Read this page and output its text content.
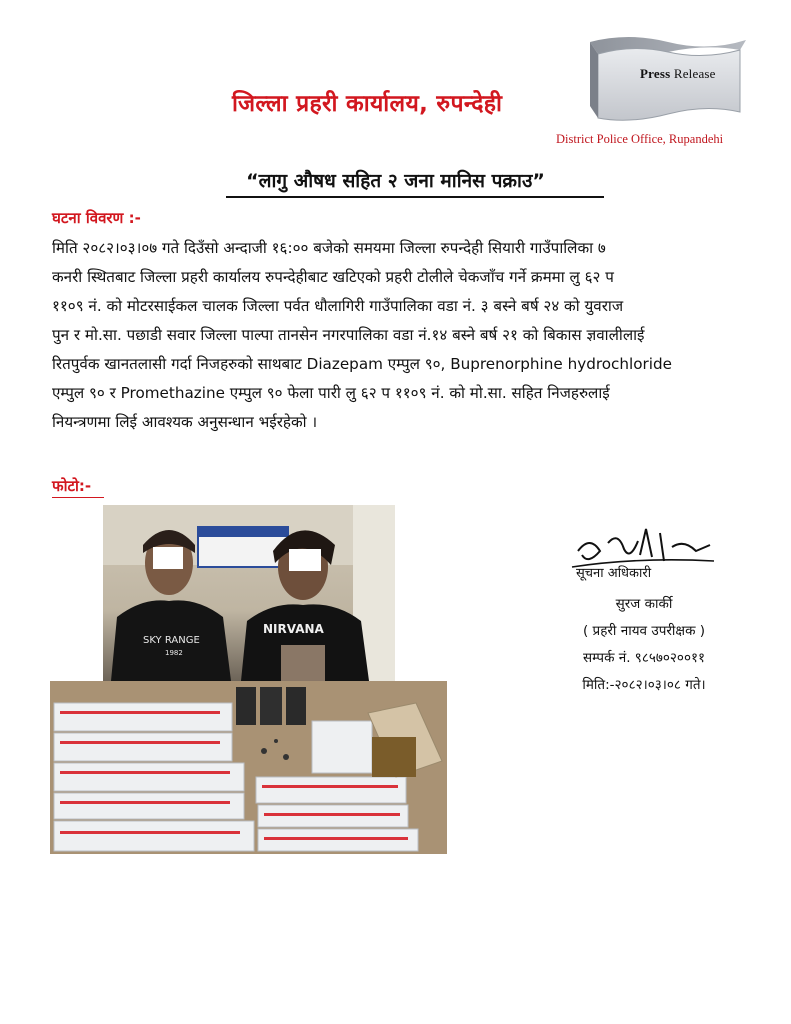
Press Release
जिल्ला प्रहरी कार्यालय, रुपन्देही
District Police Office, Rupandehi
“लागु औषध सहित २ जना मानिस पक्राउ”
घटना विवरण :-
मिति २०८२।०३।०७ गते दिउँसो अन्दाजी १६:०० बजेको समयमा जिल्ला रुपन्देही सियारी गाउँपालिका ७
कनरी स्थितबाट जिल्ला प्रहरी कार्यालय रुपन्देहीबाट खटिएको प्रहरी टोलीले चेकजाँच गर्ने क्रममा लु ६२ प
११०९ नं. को मोटरसाईकल चालक जिल्ला पर्वत धौलागिरी गाउँपालिका वडा नं. ३ बस्ने बर्ष २४ को युवराज
पुन र मो.सा. पछाडी सवार जिल्ला पाल्पा तानसेन नगरपालिका वडा नं.१४ बस्ने बर्ष २१ को बिकास ज्ञवालीलाई
रितपुर्वक खानतलासी गर्दा निजहरुको साथबाट Diazepam एम्पुल ९०, Buprenorphine hydrochloride
एम्पुल ९० र Promethazine एम्पुल ९० फेला पारी लु ६२ प ११०९ नं. को मो.सा. सहित निजहरुलाई
नियन्त्रणमा लिई आवश्यक अनुसन्धान भईरहेको ।
फोटो:-
SKY RANGE
1982
NIRVANA
सूचना अधिकारी
सुरज कार्की
( प्रहरी नायव उपरीक्षक )
सम्पर्क नं. ९८५७०२००११
मिति:-२०८२।०३।०८ गते।
